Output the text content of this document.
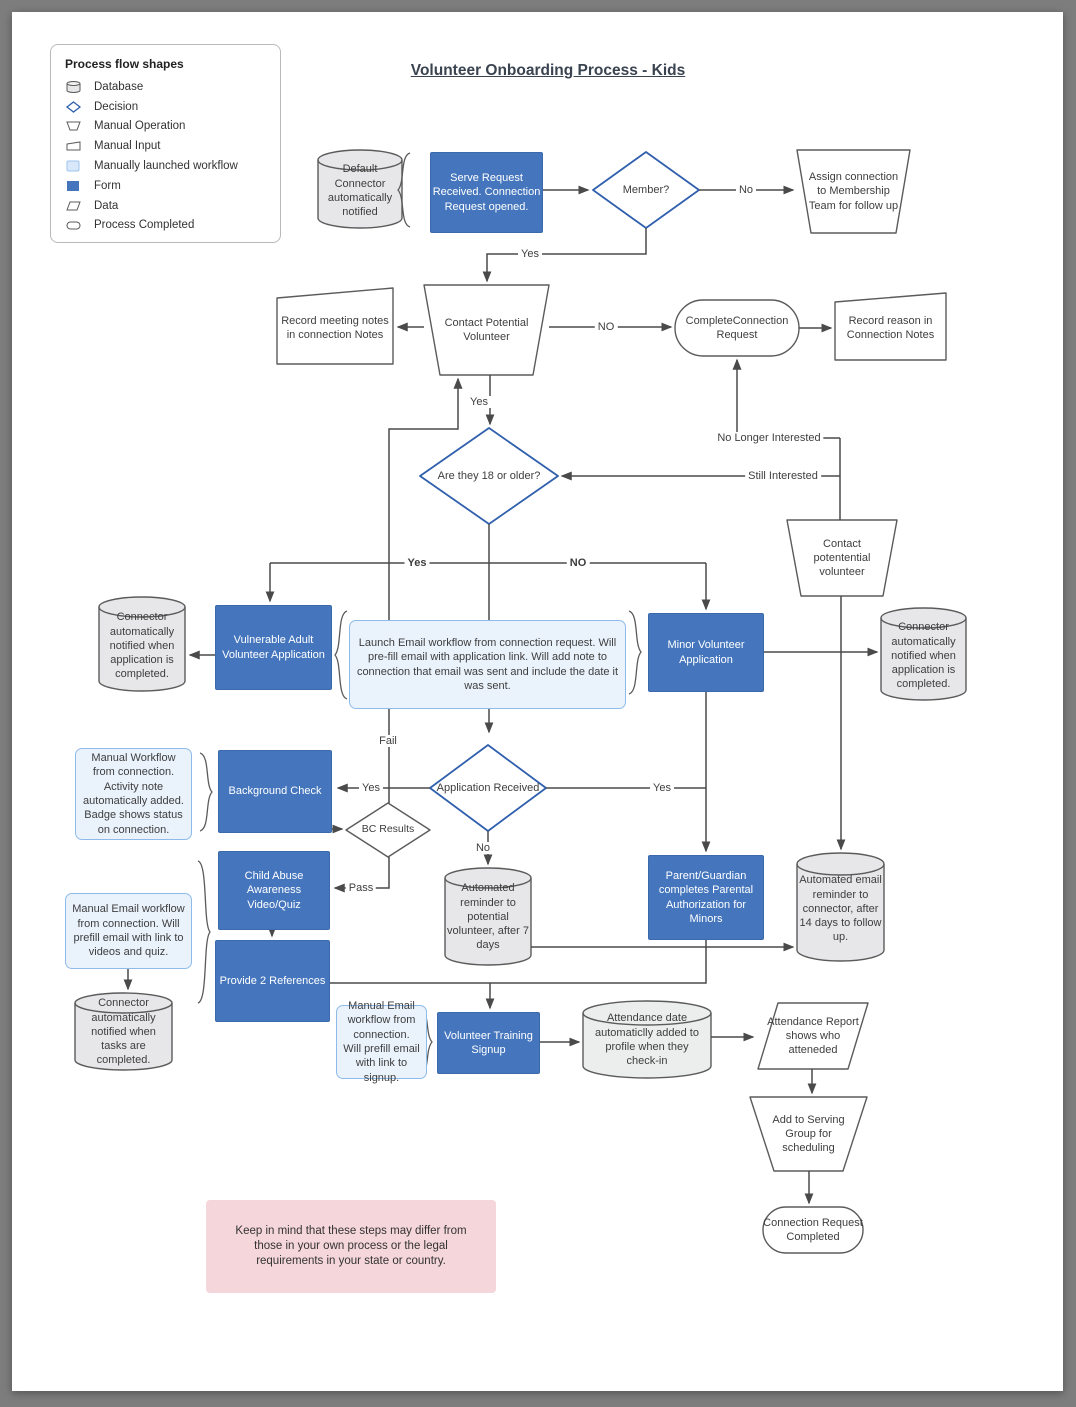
Volunteer Onboarding Process - Kids
Process flow shapes
Database
Decision
Manual Operation
Manual Input
Manually launched workflow
Form
Data
Process Completed
Serve Request Received. Connection Request opened.
Vulnerable Adult Volunteer Application
Minor Volunteer Application
Background Check
Child Abuse Awareness Video/Quiz
Provide 2 References
Parent/Guardian completes Parental Authorization for Minors
Volunteer Training Signup
Launch Email workflow from connection request. Will pre-fill email with application link. Will add note to connection that email was sent and include the date it was sent.
Manual Workflow from connection. Activity note automatically added. Badge shows status on connection.
Manual Email workflow from connection. Will prefill email with link to videos and quiz.
Manual Email workflow from connection. Will prefill email with link to signup.
Keep in mind that these steps may differ from those in your own process or the legal requirements in your state or country.
Default Connector automatically notified
Connector automatically notified when application is completed.
Connector automatically notified when application is completed.
Connector automatically notified when tasks are completed.
Automated reminder to potential volunteer, after 7 days
Automated email reminder to connector, after 14 days to follow up.
Attendance date automaticlly added to profile when they check-in
Member?
Are they 18 or older?
Application Received
BC Results
Assign connection to Membership Team for follow up
Contact Potential Volunteer
Contact potentential volunteer
Add to Serving Group for scheduling
Record meeting notes in connection Notes
Record reason in Connection Notes
CompleteConnection Request
Connection Request Completed
Attendance Report shows who atteneded
Yes
No
NO
Yes
No Longer Interested
Still Interested
Yes	NO
Fail
Yes	Yes
No
Pass
